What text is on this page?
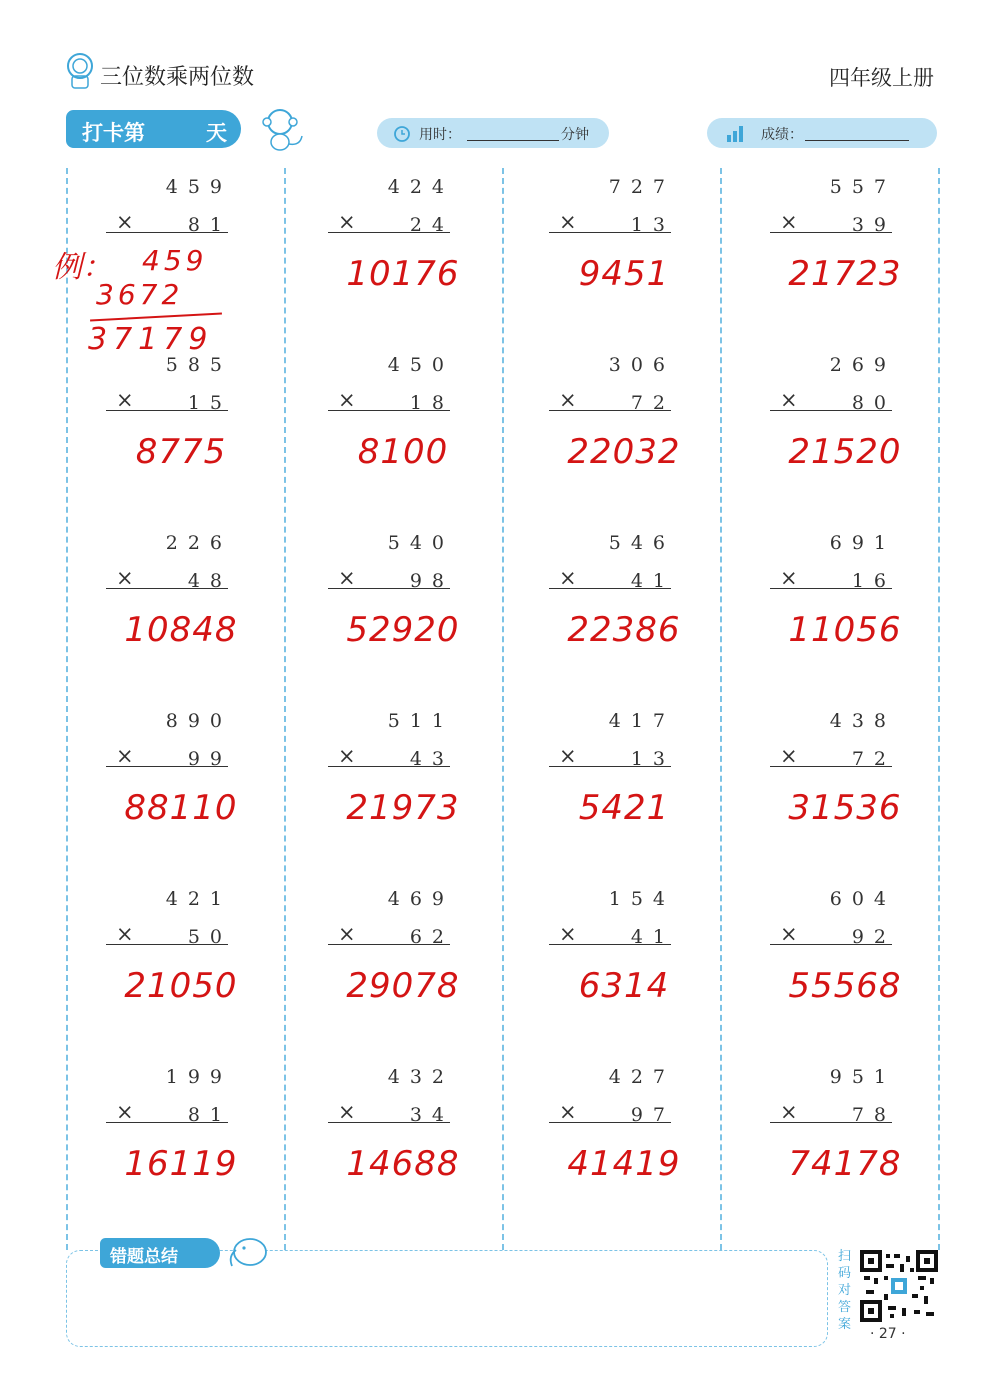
三位数乘两位数	四年级上册
打卡第	天	用时：	分钟	成绩：
459
×	81
585
×	15
8775
226
×	48
10848
890
×	99
88110
421
×	50
21050
199
×	81
16119
424
×	24
10176
450
×	18
8100
540
×	98
52920
511
×	43
21973
469
×	62
29078
432
×	34
14688
727
×	13
9451
306
×	72
22032
546
×	41
22386
417
×	13
5421
154
×	41
6314
427
×	97
41419
557
×	39
21723
269
×	80
21520
691
×	16
11056
438
×	72
31536
604
×	92
55568
951
×	78
74178
例： 459
3672
37179
错题总结	扫码对答案
· 27 ·
